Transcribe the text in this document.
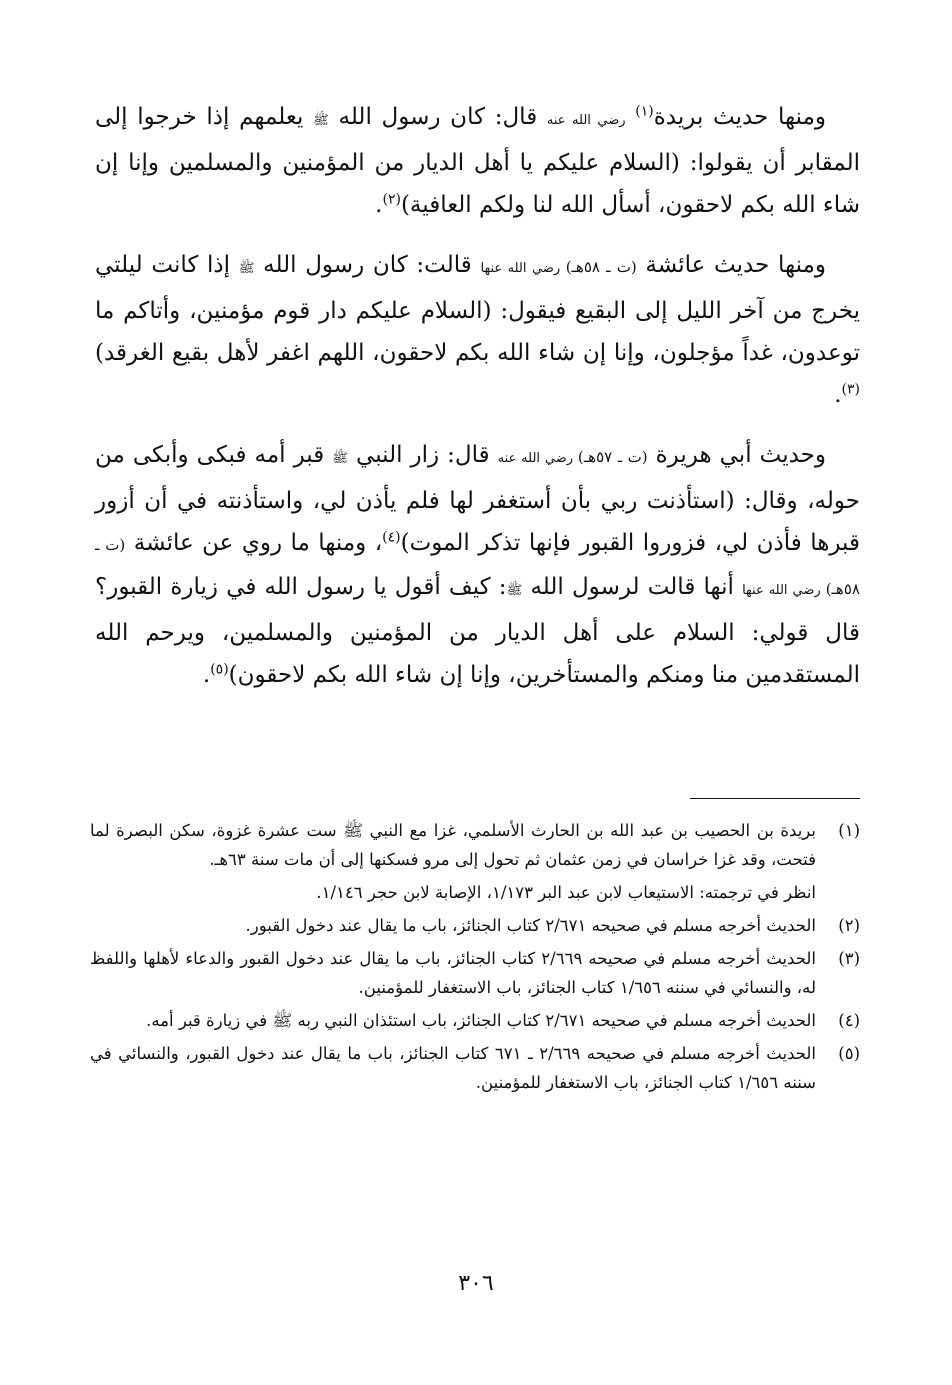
ومنها حديث بريدة$^{(١)}$ رضي الله عنه قال: كان رسول الله ﷺ يعلمهم إذا خرجوا إلى المقابر أن يقولوا: (السلام عليكم يا أهل الديار من المؤمنين والمسلمين وإنا إن شاء الله بكم لاحقون، أسأل الله لنا ولكم العافية)$^{(٢)}$.

ومنها حديث عائشة (ت ـ ٥٨هـ) رضي الله عنها قالت: كان رسول الله ﷺ إذا كانت ليلتي يخرج من آخر الليل إلى البقيع فيقول: (السلام عليكم دار قوم مؤمنين، وأتاكم ما توعدون، غداً مؤجلون، وإنا إن شاء الله بكم لاحقون، اللهم اغفر لأهل بقيع الغرقد)$^{(٣)}$.

وحديث أبي هريرة (ت ـ ٥٧هـ) رضي الله عنه قال: زار النبي ﷺ قبر أمه فبكى وأبكى من حوله، وقال: (استأذنت ربي بأن أستغفر لها فلم يأذن لي، واستأذنته في أن أزور قبرها فأذن لي، فزوروا القبور فإنها تذكر الموت)$^{(٤)}$، ومنها ما روي عن عائشة (ت ـ ٥٨هـ) رضي الله عنها أنها قالت لرسول الله ﷺ: كيف أقول يا رسول الله في زيارة القبور؟ قال قولي: السلام على أهل الديار من المؤمنين والمسلمين، ويرحم الله المستقدمين منا ومنكم والمستأخرين، وإنا إن شاء الله بكم لاحقون)$^{(٥)}$.

(١)
بريدة بن الحصيب بن عبد الله بن الحارث الأسلمي، غزا مع النبي ﷺ ست عشرة غزوة، سكن البصرة لما فتحت، وقد غزا خراسان في زمن عثمان ثم تحول إلى مرو فسكنها إلى أن مات سنة ٦٣هـ.
انظر في ترجمته: الاستيعاب لابن عبد البر ١/١٧٣، الإصابة لابن حجر ١/١٤٦.
(٢)
الحديث أخرجه مسلم في صحيحه ٢/٦٧١ كتاب الجنائز، باب ما يقال عند دخول القبور.
(٣)
الحديث أخرجه مسلم في صحيحه ٢/٦٦٩ كتاب الجنائز، باب ما يقال عند دخول القبور والدعاء لأهلها واللفظ له، والنسائي في سننه ١/٦٥٦ كتاب الجنائز، باب الاستغفار للمؤمنين.
(٤)
الحديث أخرجه مسلم في صحيحه ٢/٦٧١ كتاب الجنائز، باب استئذان النبي ربه ﷺ في زيارة قبر أمه.
(٥)
الحديث أخرجه مسلم في صحيحه ٢/٦٦٩ ـ ٦٧١ كتاب الجنائز، باب ما يقال عند دخول القبور، والنسائي في سننه ١/٦٥٦ كتاب الجنائز، باب الاستغفار للمؤمنين.
٣٠٦
